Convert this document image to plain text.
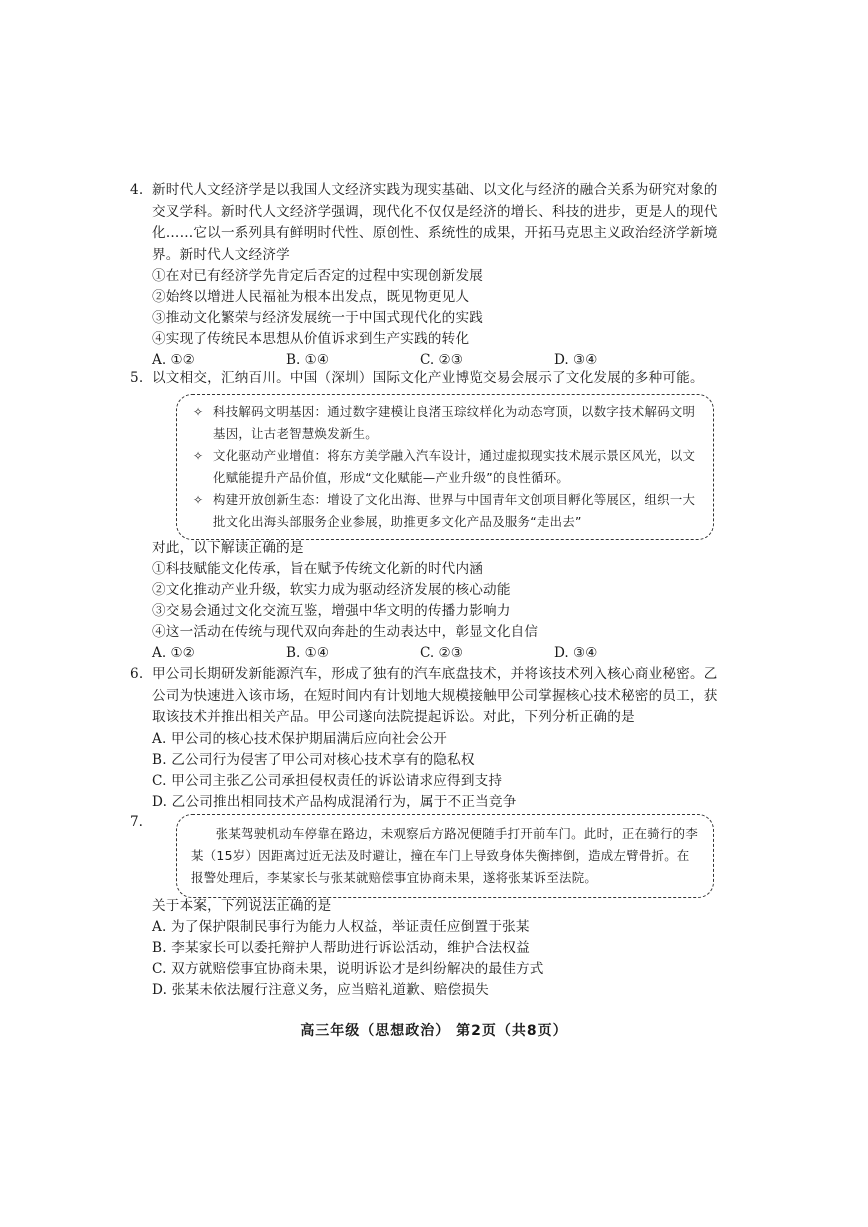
4. 新时代人文经济学是以我国人文经济实践为现实基础、以文化与经济的融合关系为研究对象的交叉学科。新时代人文经济学强调，现代化不仅仅是经济的增长、科技的进步，更是人的现代化……它以一系列具有鲜明时代性、原创性、系统性的成果，开拓马克思主义政治经济学新境界。新时代人文经济学

①在对已有经济学先肯定后否定的过程中实现创新发展

②始终以增进人民福祉为根本出发点，既见物更见人

③推动文化繁荣与经济发展统一于中国式现代化的实践

④实现了传统民本思想从价值诉求到生产实践的转化

A. ①②	B. ①④	C. ②③	D. ③④

5. 以文相交，汇纳百川。中国（深圳）国际文化产业博览交易会展示了文化发展的多种可能。

✧ 科技解码文明基因：通过数字建模让良渚玉琮纹样化为动态穹顶，以数字技术解码文明基因，让古老智慧焕发新生。

✧ 文化驱动产业增值：将东方美学融入汽车设计，通过虚拟现实技术展示景区风光，以文化赋能提升产品价值，形成“文化赋能—产业升级”的良性循环。

✧ 构建开放创新生态：增设了文化出海、世界与中国青年文创项目孵化等展区，组织一大批文化出海头部服务企业参展，助推更多文化产品及服务“走出去”

对此，以下解读正确的是

①科技赋能文化传承，旨在赋予传统文化新的时代内涵

②文化推动产业升级，软实力成为驱动经济发展的核心动能

③交易会通过文化交流互鉴，增强中华文明的传播力影响力

④这一活动在传统与现代双向奔赴的生动表达中，彰显文化自信

A. ①②	B. ①④	C. ②③	D. ③④

6. 甲公司长期研发新能源汽车，形成了独有的汽车底盘技术，并将该技术列入核心商业秘密。乙公司为快速进入该市场，在短时间内有计划地大规模接触甲公司掌握核心技术秘密的员工，获取该技术并推出相关产品。甲公司遂向法院提起诉讼。对此，下列分析正确的是

A. 甲公司的核心技术保护期届满后应向社会公开

B. 乙公司行为侵害了甲公司对核心技术享有的隐私权

C. 甲公司主张乙公司承担侵权责任的诉讼请求应得到支持

D. 乙公司推出相同技术产品构成混淆行为，属于不正当竞争

7.

张某驾驶机动车停靠在路边，未观察后方路况便随手打开前车门。此时，正在骑行的李某（15岁）因距离过近无法及时避让，撞在车门上导致身体失衡摔倒，造成左臂骨折。在报警处理后，李某家长与张某就赔偿事宜协商未果，遂将张某诉至法院。

关于本案，下列说法正确的是

A. 为了保护限制民事行为能力人权益，举证责任应倒置于张某

B. 李某家长可以委托辩护人帮助进行诉讼活动，维护合法权益

C. 双方就赔偿事宜协商未果，说明诉讼才是纠纷解决的最佳方式

D. 张某未依法履行注意义务，应当赔礼道歉、赔偿损失

高三年级（思想政治） 第2页（共8页）
